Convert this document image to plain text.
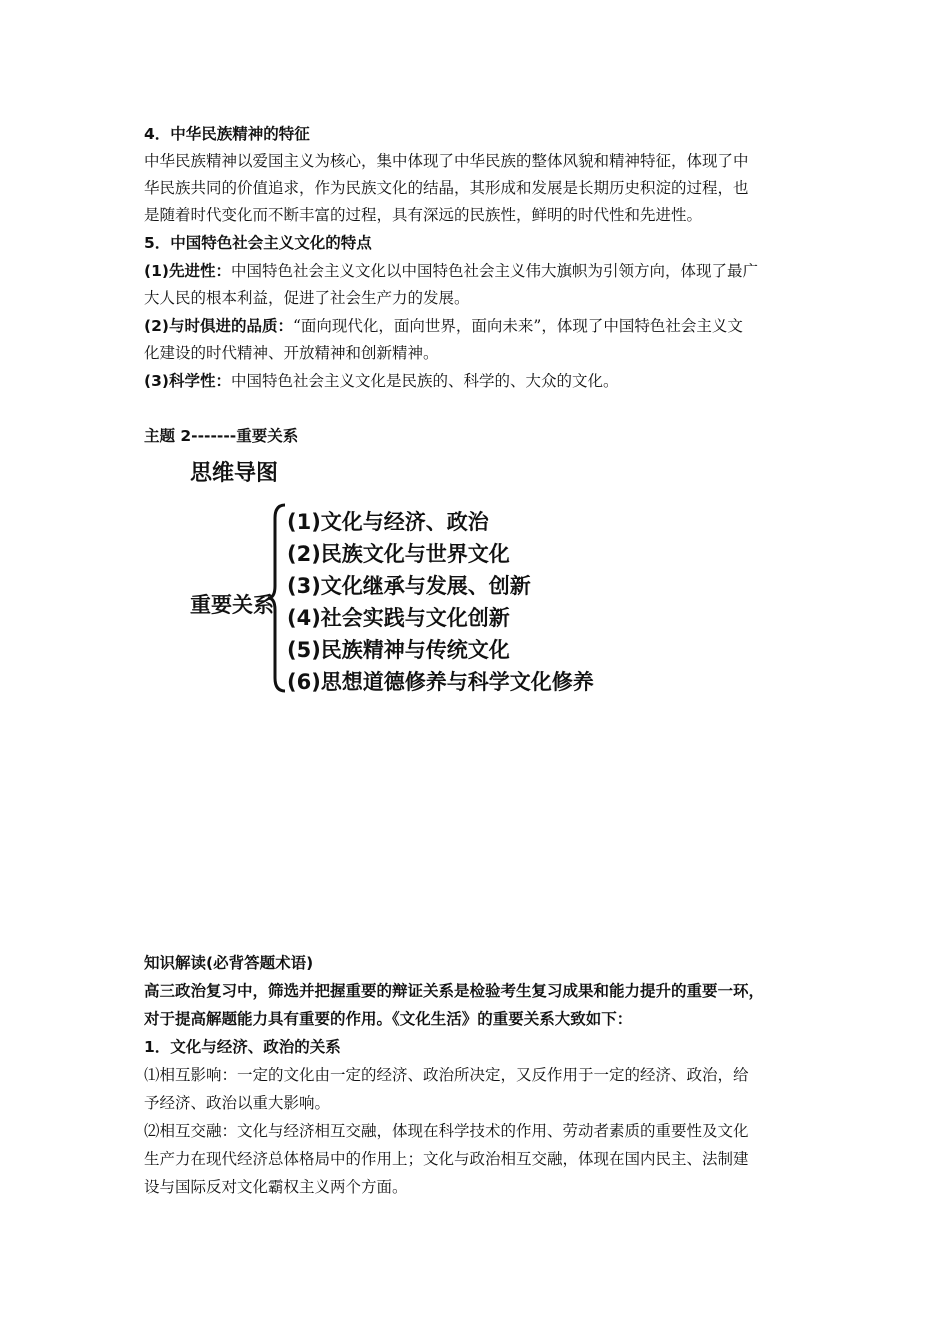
4．中华民族精神的特征
中华民族精神以爱国主义为核心，集中体现了中华民族的整体风貌和精神特征，体现了中
华民族共同的价值追求，作为民族文化的结晶，其形成和发展是长期历史积淀的过程，也
是随着时代变化而不断丰富的过程，具有深远的民族性，鲜明的时代性和先进性。
5．中国特色社会主义文化的特点
(1)先进性：中国特色社会主义文化以中国特色社会主义伟大旗帜为引领方向，体现了最广
大人民的根本利益，促进了社会生产力的发展。
(2)与时俱进的品质：“面向现代化，面向世界，面向未来”，体现了中国特色社会主义文
化建设的时代精神、开放精神和创新精神。
(3)科学性：中国特色社会主义文化是民族的、科学的、大众的文化。
主题 2-------重要关系
思维导图
重要关系
(1)文化与经济、政治
(2)民族文化与世界文化
(3)文化继承与发展、创新
(4)社会实践与文化创新
(5)民族精神与传统文化
(6)思想道德修养与科学文化修养
知识解读(必背答题术语)
高三政治复习中，筛选并把握重要的辩证关系是检验考生复习成果和能力提升的重要一环，
对于提高解题能力具有重要的作用。《文化生活》的重要关系大致如下：
1．文化与经济、政治的关系
⑴相互影响：一定的文化由一定的经济、政治所决定，又反作用于一定的经济、政治，给
予经济、政治以重大影响。
⑵相互交融：文化与经济相互交融，体现在科学技术的作用、劳动者素质的重要性及文化
生产力在现代经济总体格局中的作用上；文化与政治相互交融，体现在国内民主、法制建
设与国际反对文化霸权主义两个方面。
